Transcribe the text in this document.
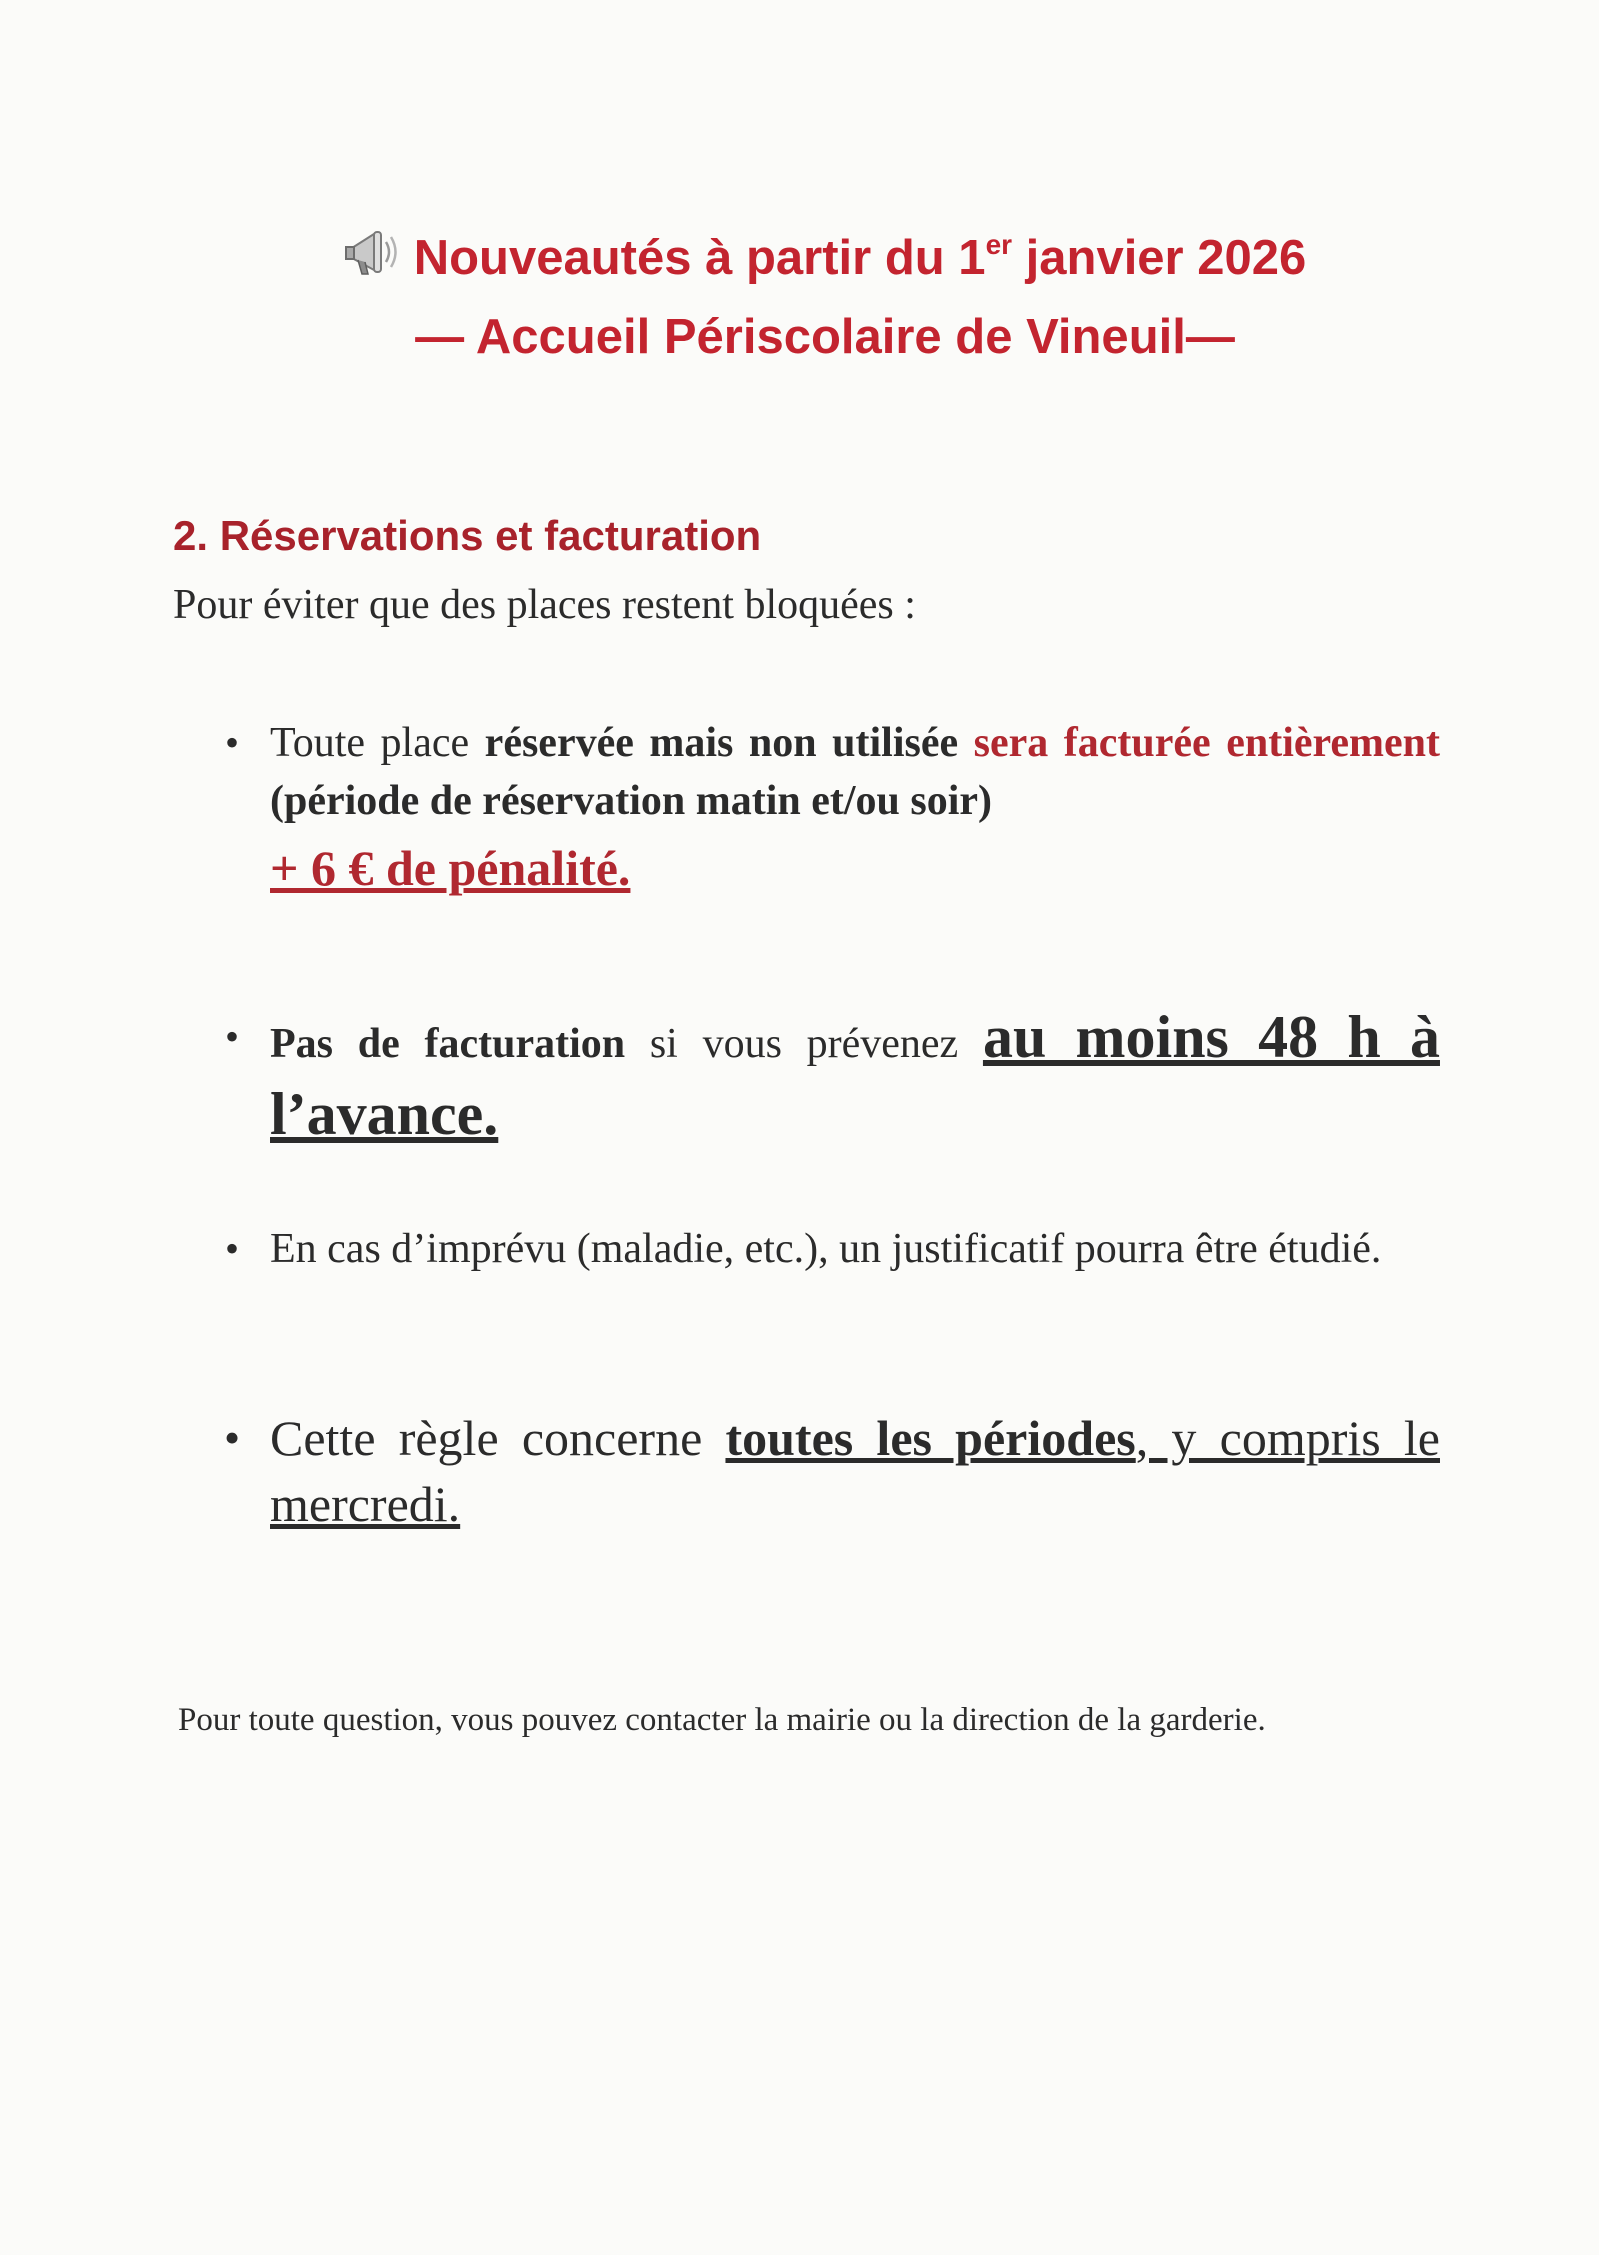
Nouveautés à partir du 1er janvier 2026
— Accueil Périscolaire de Vineuil—
2. Réservations et facturation
Pour éviter que des places restent bloquées :
• Toute place réservée mais non utilisée sera facturée entièrement (période de réservation matin et/ou soir)
+ 6 € de pénalité.
• Pas de facturation si vous prévenez au moins 48 h à l’avance.
• En cas d’imprévu (maladie, etc.), un justificatif pourra être étudié.
• Cette règle concerne toutes les périodes, y compris le mercredi.
Pour toute question, vous pouvez contacter la mairie ou la direction de la garderie.
